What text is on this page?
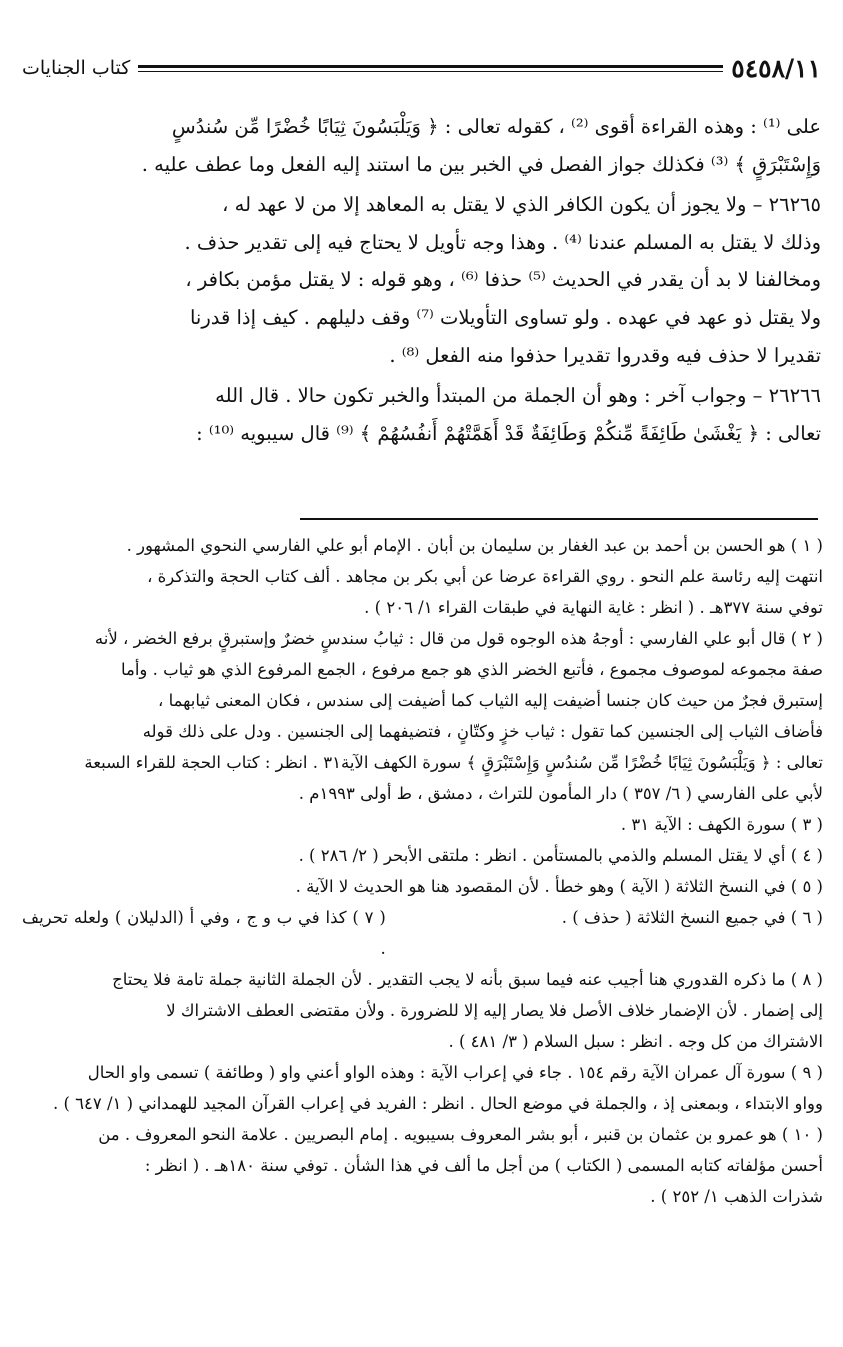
٥٤٥٨/١١
كتاب الجنايات

على ⁽¹⁾ : وهذه القراءة أقوى ⁽²⁾ ، كقوله تعالى : ﴿ وَيَلْبَسُونَ ثِيَابًا خُضْرًا مِّن سُندُسٍ
وَإِسْتَبْرَقٍ ﴾ ⁽³⁾ فكذلك جواز الفصل في الخبر بين ما استند إليه الفعل وما عطف عليه .

٢٦٢٦٥ – ولا يجوز أن يكون الكافر الذي لا يقتل به المعاهد إلا من لا عهد له ،
وذلك لا يقتل به المسلم عندنا ⁽⁴⁾ . وهذا وجه تأويل لا يحتاج فيه إلى تقدير حذف .
ومخالفنا لا بد أن يقدر في الحديث ⁽⁵⁾ حذفا ⁽⁶⁾ ، وهو قوله : لا يقتل مؤمن بكافر ،
ولا يقتل ذو عهد في عهده . ولو تساوى التأويلات ⁽⁷⁾ وقف دليلهم . كيف إذا قدرنا
تقديرا لا حذف فيه وقدروا تقديرا حذفوا منه الفعل ⁽⁸⁾ .

٢٦٢٦٦ – وجواب آخر : وهو أن الجملة من المبتدأ والخبر تكون حالا . قال الله
تعالى : ﴿ يَغْشَىٰ طَائِفَةً مِّنكُمْ وَطَائِفَةٌ قَدْ أَهَمَّتْهُمْ أَنفُسُهُمْ ﴾ ⁽⁹⁾ قال سيبويه ⁽¹⁰⁾ :

( ١ ) هو الحسن بن أحمد بن عبد الغفار بن سليمان بن أبان . الإمام أبو علي الفارسي النحوي المشهور .
انتهت إليه رئاسة علم النحو . روي القراءة عرضا عن أبي بكر بن مجاهد . ألف كتاب الحجة والتذكرة ،
توفي سنة ٣٧٧هـ . ( انظر : غاية النهاية في طبقات القراء ١/ ٢٠٦ ) .

( ٢ ) قال أبو علي الفارسي : أوجهُ هذه الوجوه قول من قال : ثيابُ سندسٍ خضرٌ وإستبرقٍ برفع الخضر ، لأنه
صفة مجموعه لموصوف مجموع ، فأتبع الخضر الذي هو جمع مرفوع ، الجمع المرفوع الذي هو ثياب . وأما
إستبرق فجرٌ من حيث كان جنسا أضيفت إليه الثياب كما أضيفت إلى سندس ، فكان المعنى ثيابهما ،
فأضاف الثياب إلى الجنسين كما تقول : ثياب خزٍ وكتّانٍ ، فتضيفهما إلى الجنسين . ودل على ذلك قوله
تعالى : ﴿ وَيَلْبَسُونَ ثِيَابًا خُضْرًا مِّن سُندُسٍ وَإِسْتَبْرَقٍ ﴾ سورة الكهف الآية٣١ . انظر : كتاب الحجة للقراء السبعة
لأبي على الفارسي ( ٦/ ٣٥٧ ) دار المأمون للتراث ، دمشق ، ط أولى ١٩٩٣م .

( ٣ ) سورة الكهف : الآية ٣١ .

( ٤ ) أي لا يقتل المسلم والذمي بالمستأمن . انظر : ملتقى الأبحر ( ٢/ ٢٨٦ ) .

( ٥ ) في النسخ الثلاثة ( الآية ) وهو خطأ . لأن المقصود هنا هو الحديث لا الآية .

( ٦ ) في جميع النسخ الثلاثة ( حذف ) .
( ٧ ) كذا في ب و ج ، وفي أ (الدليلان ) ولعله تحريف .

( ٨ ) ما ذكره القدوري هنا أجيب عنه فيما سبق بأنه لا يجب التقدير . لأن الجملة الثانية جملة تامة فلا يحتاج
إلى إضمار . لأن الإضمار خلاف الأصل فلا يصار إليه إلا للضرورة . ولأن مقتضى العطف الاشتراك لا
الاشتراك من كل وجه . انظر : سبل السلام ( ٣/ ٤٨١ ) .

( ٩ ) سورة آل عمران الآية رقم ١٥٤ . جاء في إعراب الآية : وهذه الواو أعني واو ( وطائفة ) تسمى واو الحال
وواو الابتداء ، وبمعنى إذ ، والجملة في موضع الحال . انظر : الفريد في إعراب القرآن المجيد للهمداني ( ١/ ٦٤٧ ) .

( ١٠ ) هو عمرو بن عثمان بن قنبر ، أبو بشر المعروف بسيبويه . إمام البصريين . علامة النحو المعروف . من
أحسن مؤلفاته كتابه المسمى ( الكتاب ) من أجل ما ألف في هذا الشأن . توفي سنة ١٨٠هـ . ( انظر :
شذرات الذهب ١/ ٢٥٢ ) .
